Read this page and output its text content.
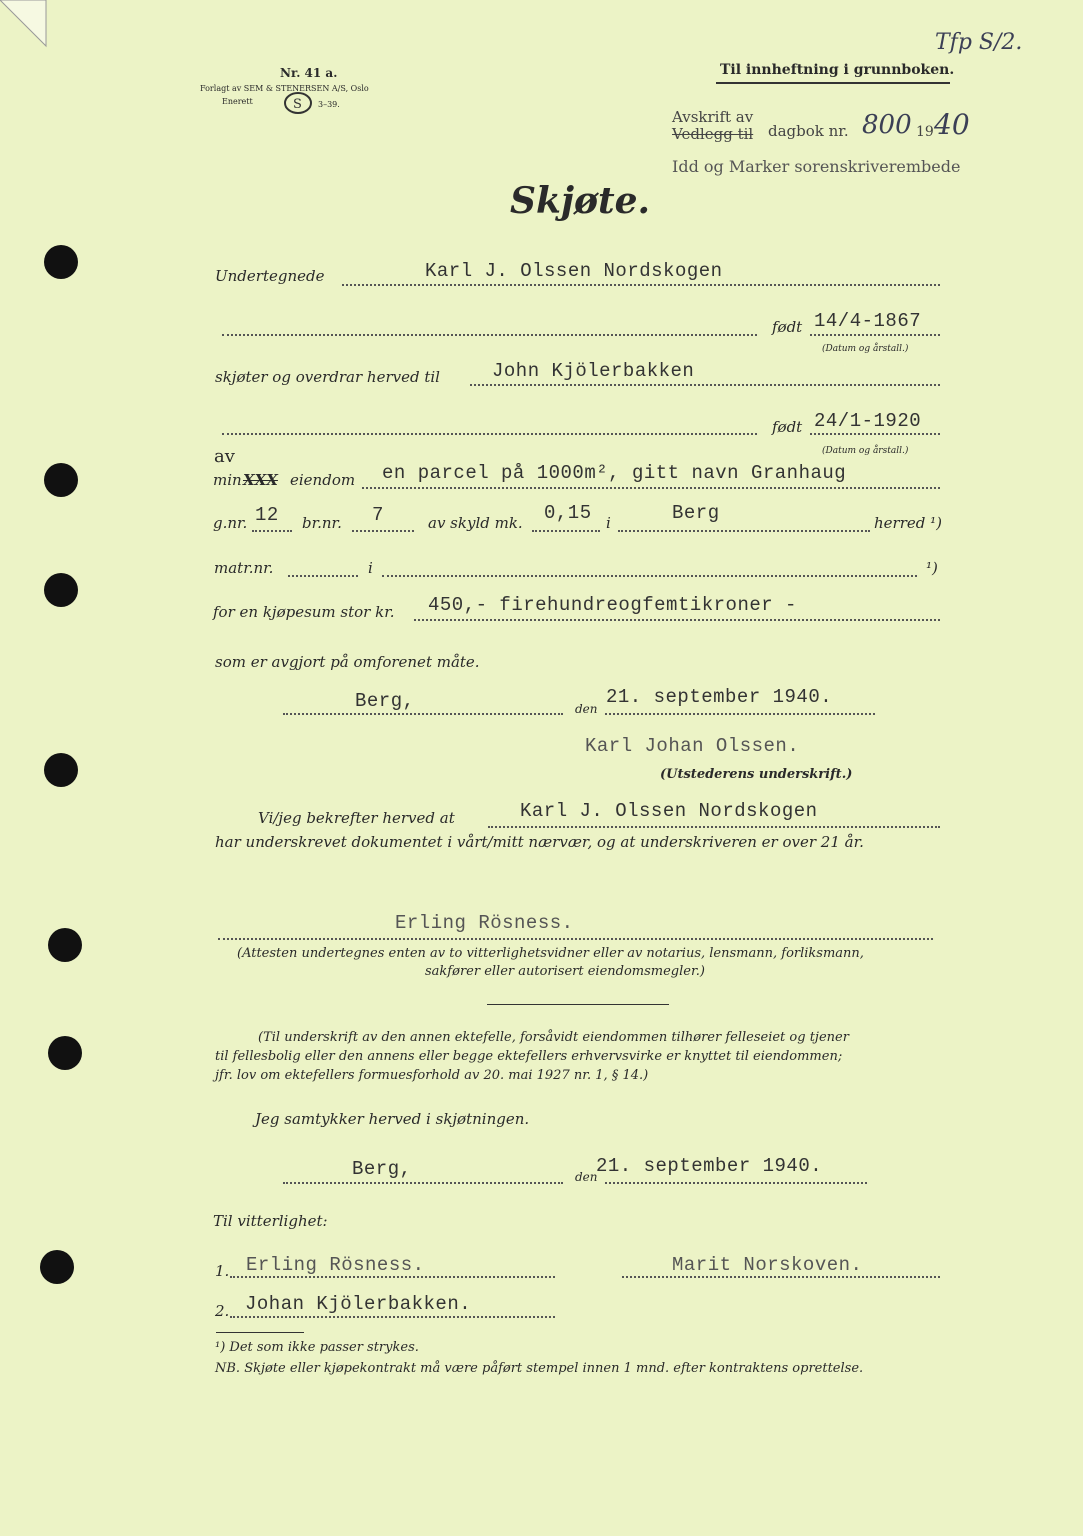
Nr. 41 a.
Forlagt av SEM & STENERSEN A/S, Oslo
Enerett	S 3–39.
Til innheftning i grunnboken.
Tfp S/2.
Avskrift av
Vedlegg til dagbok nr. 800 19 40
Idd og Marker sorenskriverembede
Skjøte.
Undertegnede	Karl J. Olssen Nordskogen
født 14/4-1867
(Datum og årstall.)
skjøter og overdrar herved til	John Kjölerbakken
født 24/1-1920
(Datum og årstall.)
av
min XXX eiendom en parcel på 1000m², gitt navn Granhaug
g.nr. 12 br.nr. 7	av skyld mk. 0,15 i	Berg	herred ¹)
matr.nr.	i	¹)
for en kjøpesum stor kr. 450,- firehundreogfemtikroner -
som er avgjort på omforenet måte.
Berg,	den
21. september 1940.
Karl Johan Olssen.
(Utstederens underskrift.)
Vi/jeg bekrefter herved at	Karl J. Olssen Nordskogen
har underskrevet dokumentet i vårt/mitt nærvær, og at underskriveren er over 21 år.
Erling Rösness.
(Attesten undertegnes enten av to vitterlighetsvidner eller av notarius, lensmann, forliksmann,
sakfører eller autorisert eiendomsmegler.)
(Til underskrift av den annen ektefelle, forsåvidt eiendommen tilhører felleseiet og tjener
til fellesbolig eller den annens eller begge ektefellers erhvervsvirke er knyttet til eiendommen;
jfr. lov om ektefellers formuesforhold av 20. mai 1927 nr. 1, § 14.)
Jeg samtykker herved i skjøtningen.
Berg,	den
21. september 1940.
Til vitterlighet:
1. Erling Rösness.	Marit Norskoven.
2. Johan Kjölerbakken.
¹) Det som ikke passer strykes.
NB. Skjøte eller kjøpekontrakt må være påført stempel innen 1 mnd. efter kontraktens oprettelse.
